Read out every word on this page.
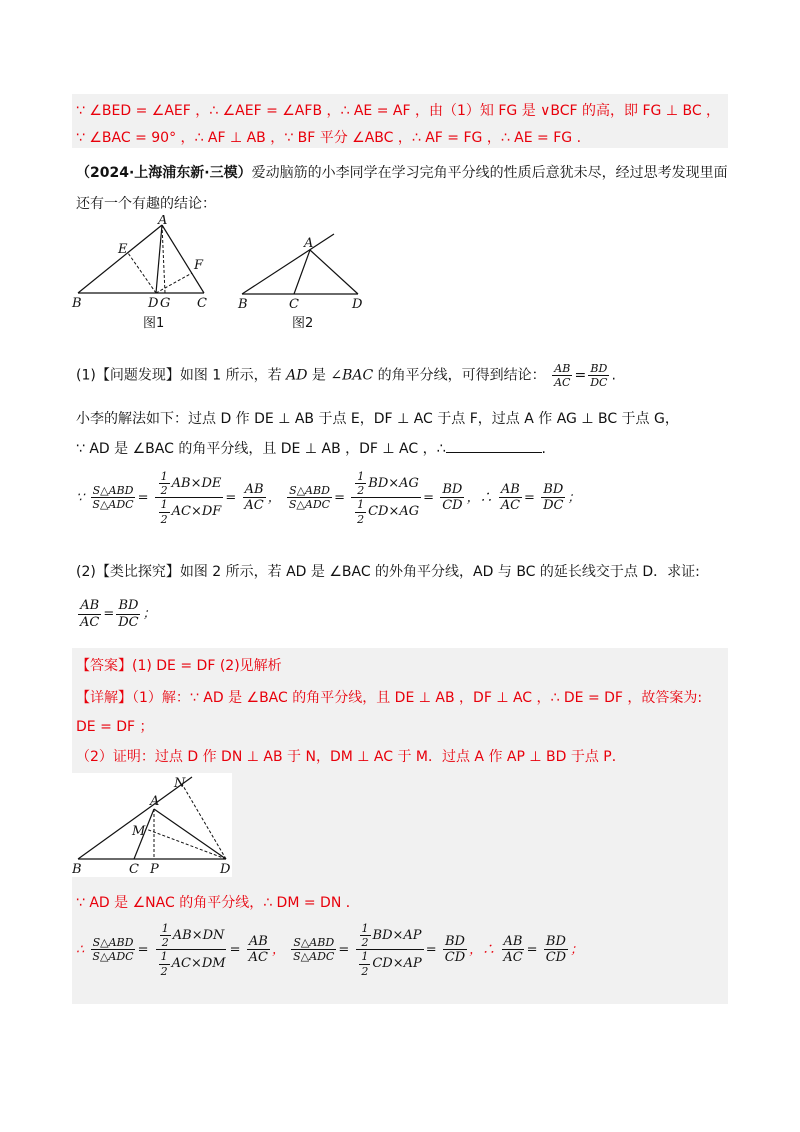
∵ ∠BED = ∠AEF ，∴ ∠AEF = ∠AFB ，∴ AE = AF ，由（1）知 FG 是 ∨BCF 的高，即 FG ⊥ BC ，
∵ ∠BAC = 90° ，∴ AF ⊥ AB ，∵ BF 平分 ∠ABC ，∴ AF = FG ，∴ AE = FG .
（2024·上海浦东新·三模）爱动脑筋的小李同学在学习完角平分线的性质后意犹未尽，经过思考发现里面
还有一个有趣的结论：
A
B	C
D G
E
F
图1
A
B	C	D
图2
(1)【问题发现】如图 1 所示，若 AD 是 ∠BAC 的角平分线，可得到结论： $\frac{AB}{AC} = \frac{BD}{DC}$ .
小李的解法如下：过点 D 作 DE ⊥ AB 于点 E，DF ⊥ AC 于点 F，过点 A 作 AG ⊥ BC 于点 G，
∵ AD 是 ∠BAC 的角平分线，且 DE ⊥ AB ，DF ⊥ AC ，∴	.
∵ $\frac{\text{S△ABD}}{\text{S△ADC}} = \frac{\frac{1}{2} AB\times DE}{\frac{1}{2} AC\times DF} = \frac{AB}{AC}$ ， $\frac{\text{S△ABD}}{\text{S△ADC}} = \frac{\frac{1}{2} BD\times AG}{\frac{1}{2} CD\times AG} = \frac{BD}{CD}$ ，∴ $\frac{AB}{AC} = \frac{BD}{DC}$ ；
(2)【类比探究】如图 2 所示，若 AD 是 ∠BAC 的外角平分线，AD 与 BC 的延长线交于点 D．求证:
$\frac{AB}{AC} = \frac{BD}{DC}$ ；
【答案】(1) DE = DF (2)见解析
【详解】（1）解：∵ AD 是 ∠BAC 的角平分线，且 DE ⊥ AB ，DF ⊥ AC ，∴ DE = DF ，故答案为:
DE = DF ；
（2）证明：过点 D 作 DN ⊥ AB 于 N，DM ⊥ AC 于 M．过点 A 作 AP ⊥ BD 于点 P．
A
B	C	D
M
N
P
∵ AD 是 ∠NAC 的角平分线，∴ DM = DN ．
∴ $\frac{\text{S△ABD}}{\text{S△ADC}} = \frac{\frac{1}{2} AB\times DN}{\frac{1}{2} AC\times DM} = \frac{AB}{AC}$ ， $\frac{\text{S△ABD}}{\text{S△ADC}} = \frac{\frac{1}{2} BD\times AP}{\frac{1}{2} CD\times AP} = \frac{BD}{CD}$ ，∴ $\frac{AB}{AC} = \frac{BD}{CD}$ ；
